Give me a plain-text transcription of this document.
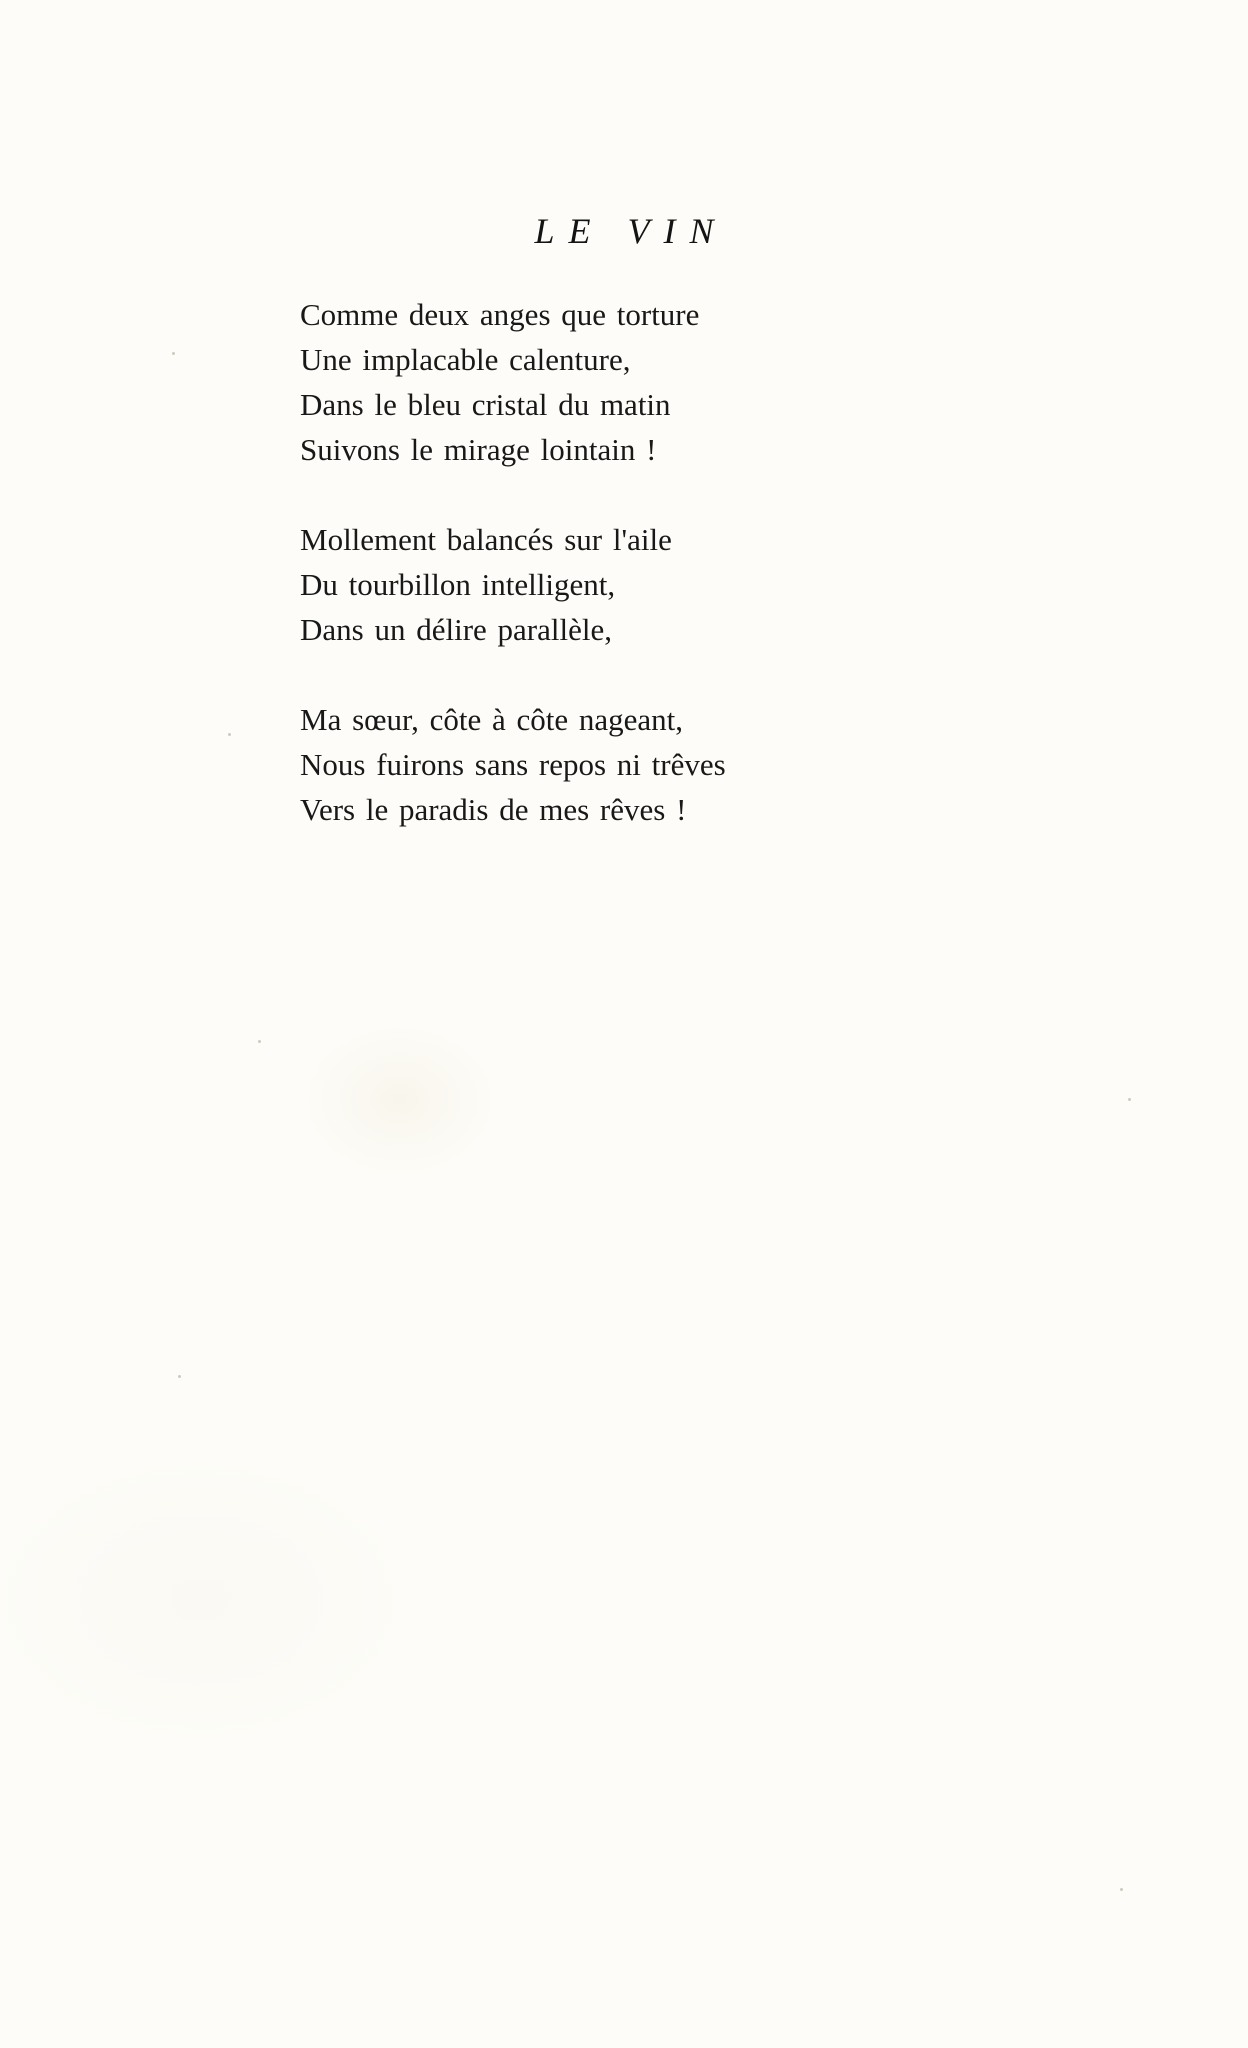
LE VIN
Comme deux anges que torture
Une implacable calenture,
Dans le bleu cristal du matin
Suivons le mirage lointain !
Mollement balancés sur l'aile
Du tourbillon intelligent,
Dans un délire parallèle,
Ma sœur, côte à côte nageant,
Nous fuirons sans repos ni trêves
Vers le paradis de mes rêves !
